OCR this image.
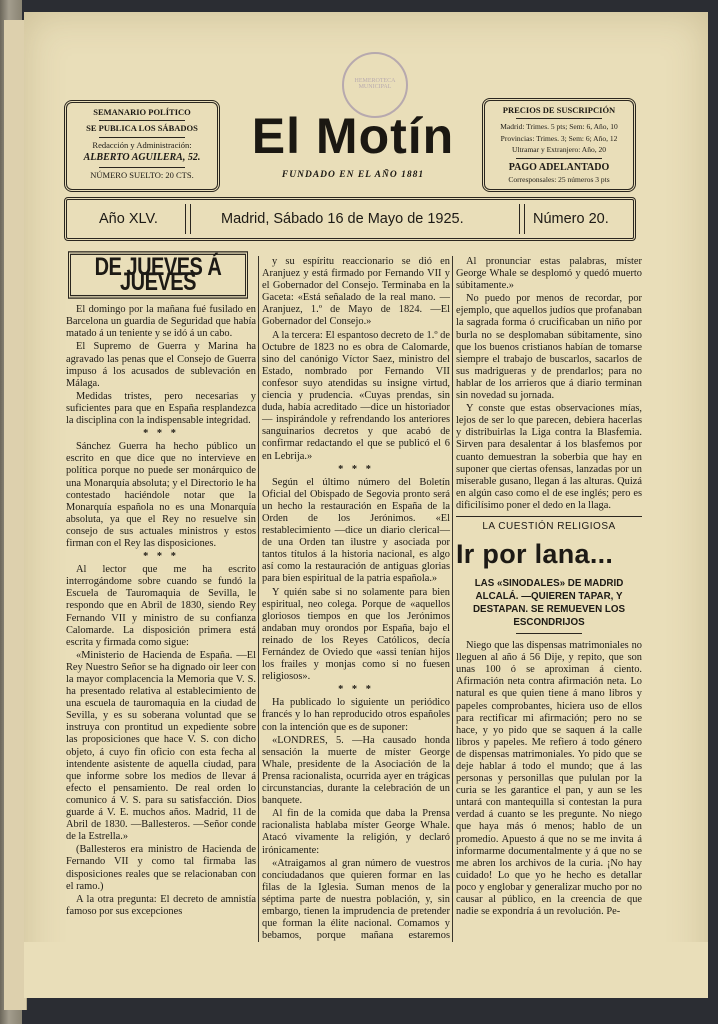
SEMANARIO POLÍTICO
SE PUBLICA LOS SÁBADOS
Redacción y Administración:

ALBERTO AGUILERA, 52.
NÚMERO SUELTO: 20 CTS.
HEMEROTECA MUNICIPAL
El Motín
FUNDADO EN EL AÑO 1881
PRECIOS DE SUSCRIPCIÓN
Madrid: Trimes. 5 pts; Sem: 6, Año, 10
Provincias: Trimes. 3; Sem: 6; Año, 12
Ultramar y Extranjero: Año, 20
PAGO ADELANTADO
Corresponsales: 25 números 3 pts
Año XLV.	Madrid, Sábado 16 de Mayo de 1925.	Número 20.
DE JUEVES Á JUEVES

El domingo por la mañana fué fusilado en Barcelona un guardia de Seguridad que había matado á un teniente y se idó á un cabo.

El Supremo de Guerra y Marina ha agravado las penas que el Consejo de Guerra impuso á los acusados de sublevación en Málaga.

Medidas tristes, pero necesarias y suficientes para que en España resplandezca la disciplina con la indispensable integridad.

* * *

Sánchez Guerra ha hecho público un escrito en que dice que no intervieve en política porque no puede ser monárquico de una Monarquía absoluta; y el Directorio le ha contestado haciéndole notar que la Monarquía española no es una Monarquía absoluta, ya que el Rey no resuelve sin consejo de sus actuales ministros y estos firman con el Rey las disposiciones.

* * *

Al lector que me ha escrito interrogándome sobre cuando se fundó la Escuela de Tauromaquia de Sevilla, le respondo que en Abril de 1830, siendo Rey Fernando VII y ministro de su confianza Calomarde. La disposición primera está escrita y firmada como sigue:

«Ministerio de Hacienda de España. —El Rey Nuestro Señor se ha dignado oir leer con la mayor complacencia la Memoria que V. S. ha presentado relativa al establecimiento de una escuela de tauromaquia en la ciudad de Sevilla, y es su soberana voluntad que se instruya con prontitud un expediente sobre las proposiciones que hace V. S. con dicho objeto, á cuyo fin oficio con esta fecha al intendente asistente de aquella ciudad, para que informe sobre los medios de llevar á efecto el pensamiento. De real orden lo comunico á V. S. para su satisfacción. Dios guarde á V. E. muchos años. Madrid, 11 de Abril de 1830. —Ballesteros. —Señor conde de la Estrella.»

(Ballesteros era ministro de Hacienda de Fernando VII y como tal firmaba las disposiciones reales que se relacionaban con el ramo.)

A la otra pregunta: El decreto de amnistía famoso por sus excepciones

y su espíritu reaccionario se dió en Aranjuez y está firmado por Fernando VII y el Gobernador del Consejo. Terminaba en la Gaceta: «Está señalado de la real mano. —Aranjuez, 1.º de Mayo de 1824. —El Gobernador del Consejo.»

A la tercera: El espantoso decreto de 1.º de Octubre de 1823 no es obra de Calomarde, sino del canónigo Víctor Saez, ministro del Estado, nombrado por Fernando VII confesor suyo atendidas su insigne virtud, ciencia y prudencia. «Cuyas prendas, sin duda, había acreditado —dice un historiador— inspirándole y refrendando los anteriores sanguinarios decretos y que acabó de confirmar redactando el que se publicó el 6 en Lebrija.»

* * *

Según el último número del Boletín Oficial del Obispado de Segovia pronto será un hecho la restauración en España de la Orden de los Jerónimos. «El restablecimiento —dice un diario clerical— de una Orden tan ilustre y asociada por tantos títulos á la historia nacional, es algo así como la restauración de antiguas glorias para bien espiritual de la patria española.»

Y quién sabe si no solamente para bien espiritual, neo colega. Porque de «aquellos gloriosos tiempos en que los Jerónimos andaban muy orondos por España, bajo el reinado de los Reyes Católicos, decía Fernández de Oviedo que «assi tenían hijos los frailes y monjas como si no fuesen religiosos».

* * *

Ha publicado lo siguiente un periódico francés y lo han reproducido otros españoles con la intención que es de suponer:

«LONDRES, 5. —Ha causado honda sensación la muerte de míster George Whale, presidente de la Asociación de la Prensa racionalista, ocurrida ayer en trágicas circunstancias, durante la celebración de un banquete.

Al fin de la comida que daba la Prensa racionalista hablaba míster George Whale. Atacó vivamente la religión, y declaró irónicamente:

«Atraigamos al gran número de vuestros conciudadanos que quieren formar en las filas de la Iglesia. Suman menos de la séptima parte de nuestra población, y, sin embargo, tienen la imprudencia de pretender que forman la élite nacional. Comamos y bebamos, porque mañana estaremos

Al pronunciar estas palabras, míster George Whale se desplomó y quedó muerto súbitamente.»

No puedo por menos de recordar, por ejemplo, que aquellos judíos que profanaban la sagrada forma ó crucificaban un niño por burla no se desplomaban súbitamente, sino que los buenos cristianos habían de tomarse siempre el trabajo de buscarlos, sacarlos de sus madrigueras y de prendarlos; para no hablar de los arrieros que á diario terminan sin novedad su jornada.

Y conste que estas observaciones mías, lejos de ser lo que parecen, debiera hacerlas y distribuirlas la Liga contra la Blasfemia. Sirven para desalentar á los blasfemos por cuanto demuestran la soberbia que hay en suponer que ciertas ofensas, lanzadas por un miserable gusano, llegan á las alturas. Quizá en algún caso como el de ese inglés; pero es dificilísimo poner el dedo en la llaga.

LA CUESTIÓN RELIGIOSA
Ir por lana...
LAS «SINODALES» DE MADRID ALCALÁ. —QUIEREN TAPAR, Y DESTAPAN. SE REMUEVEN LOS ESCONDRIJOS

Niego que las dispensas matrimoniales no lleguen al año á 56 Dije, y repito, que son unas 100 ó se aproximan á ciento. Afirmación neta contra afirmación neta. Lo natural es que quien tiene á mano libros y papeles comprobantes, hiciera uso de ellos para rectificar mi afirmación; pero no se hace, y yo pido que se saquen á la calle libros y papeles. Me refiero á todo género de dispensas matrimoniales. Yo pido que se deje hablar á todo el mundo; que á las personas y personillas que pululan por la curia se les garantice el pan, y aun se les untará con mantequilla si contestan la pura verdad á cuanto se les pregunte. No niego que haya más ó menos; hablo de un promedio. Apuesto á que no se me invita á informarme documentalmente y á que no se me abren los archivos de la curia. ¡No hay cuidado! Lo que yo he hecho es detallar poco y englobar y generalizar mucho por no causar al público, en la creencia de que nadie se expondría á un revolución. Pe-
